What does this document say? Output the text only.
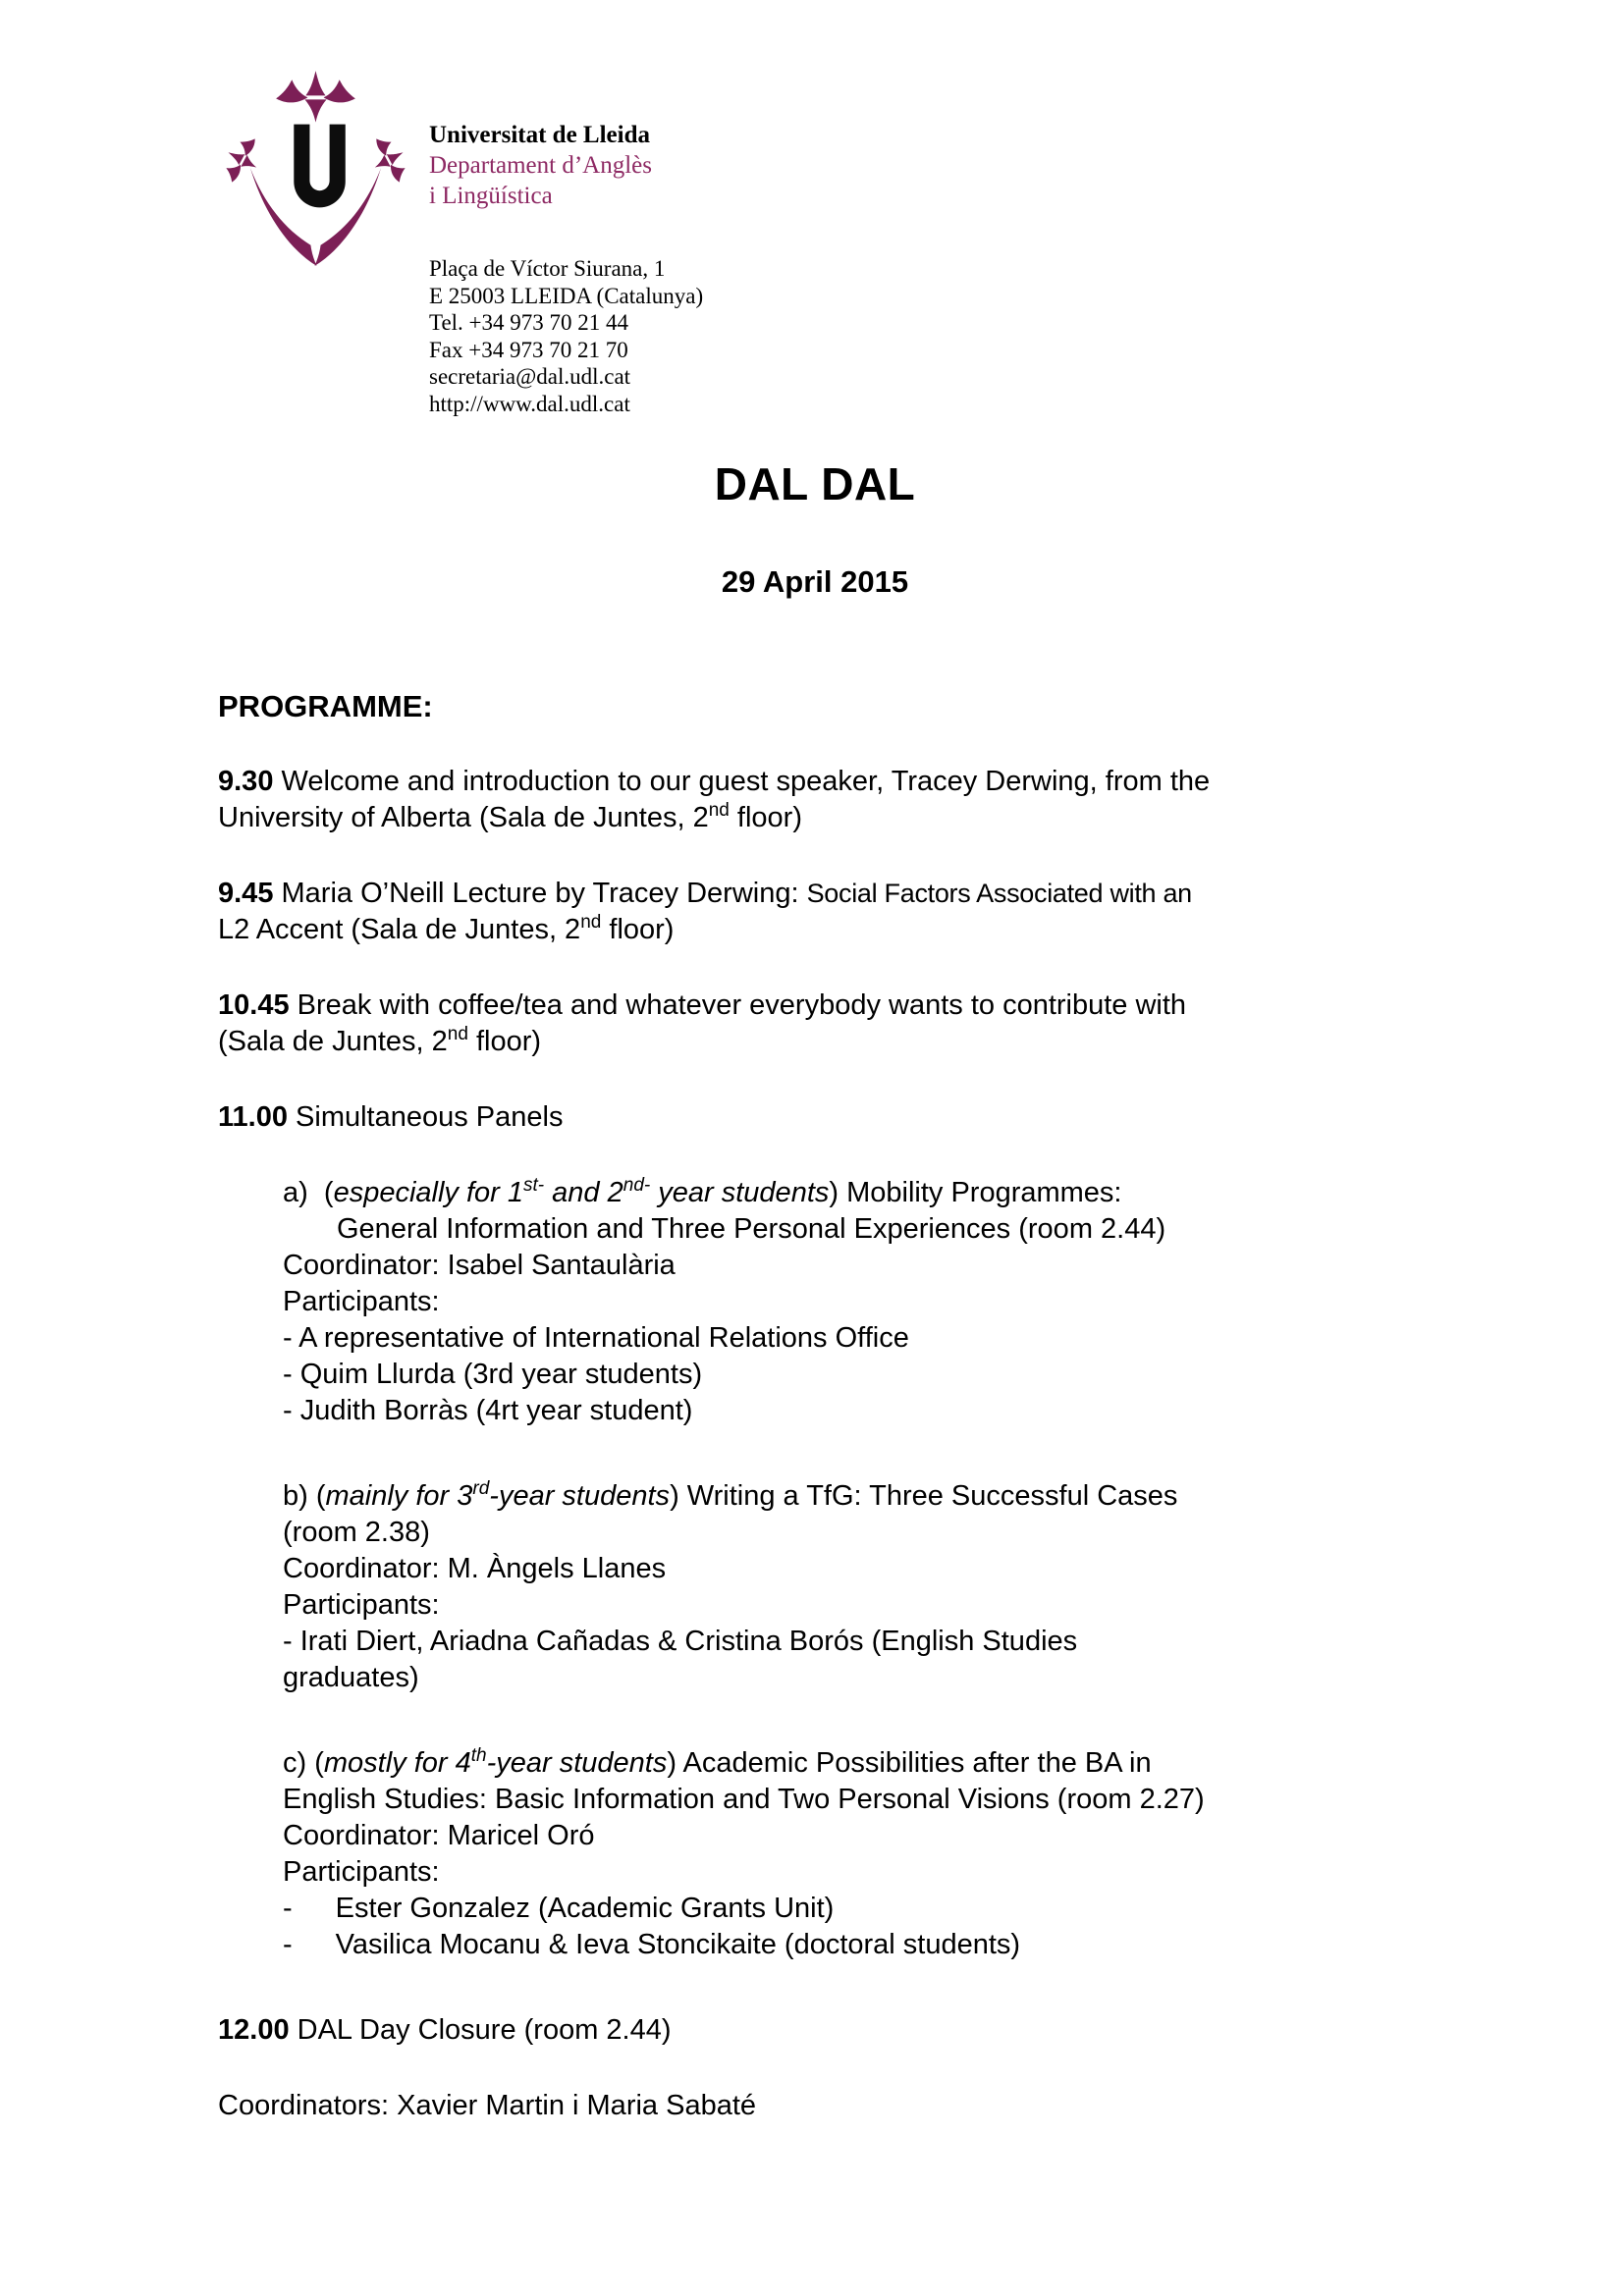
Universitat de Lleida
Departament d’Anglès
i Lingüística
Plaça de Víctor Siurana, 1
E 25003 LLEIDA (Catalunya)
Tel. +34 973 70 21 44
Fax +34 973 70 21 70
secretaria@dal.udl.cat
http://www.dal.udl.cat
DAL DAL
29 April 2015
PROGRAMME:
9.30 Welcome and introduction to our guest speaker, Tracey Derwing, from the
University of Alberta (Sala de Juntes, 2nd floor)
9.45 Maria O’Neill Lecture by Tracey Derwing: Social Factors Associated with an
L2 Accent (Sala de Juntes, 2nd floor)
10.45 Break with coffee/tea and whatever everybody wants to contribute with
(Sala de Juntes, 2nd floor)
11.00 Simultaneous Panels
a)  (especially for $1^{st-}$ and $2^{nd-}$ year students) Mobility Programmes:
General Information and Three Personal Experiences (room 2.44)
Coordinator: Isabel Santaulària
Participants:
- A representative of International Relations Office
- Quim Llurda (3rd year students)
- Judith Borràs (4rt year student)
b) (mainly for 3rd-year students) Writing a TfG: Three Successful Cases
(room 2.38)
Coordinator: M. Àngels Llanes
Participants:
- Irati Diert, Ariadna Cañadas & Cristina Borós (English Studies
graduates)
c) (mostly for 4th-year students) Academic Possibilities after the BA in
English Studies: Basic Information and Two Personal Visions (room 2.27)
Coordinator: Maricel Oró
Participants:
- Ester Gonzalez (Academic Grants Unit)
- Vasilica Mocanu & Ieva Stoncikaite (doctoral students)
12.00 DAL Day Closure (room 2.44)
Coordinators: Xavier Martin i Maria Sabaté
